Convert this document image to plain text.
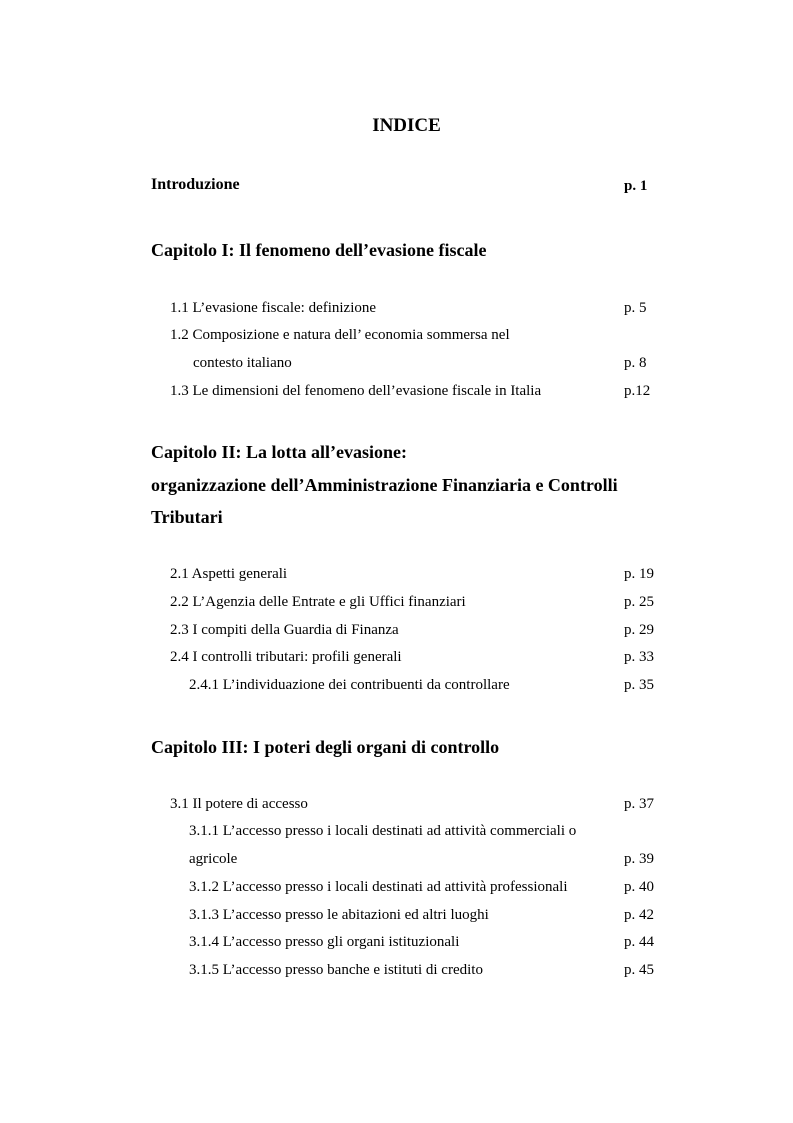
INDICE
Introduzione	p. 1
Capitolo I: Il fenomeno dell’evasione fiscale
1.1 L’evasione fiscale: definizione	p. 5
1.2 Composizione e natura dell’ economia sommersa nel
contesto italiano	p. 8
1.3 Le dimensioni del fenomeno dell’evasione fiscale in Italia	p.12
Capitolo II: La lotta all’evasione:
organizzazione dell’Amministrazione Finanziaria e Controlli
Tributari
2.1 Aspetti generali	p. 19
2.2 L’Agenzia delle Entrate e gli Uffici finanziari	p. 25
2.3 I compiti della Guardia di Finanza	p. 29
2.4 I controlli tributari: profili generali	p. 33
2.4.1 L’individuazione dei contribuenti da controllare	p. 35
Capitolo III: I poteri degli organi di controllo
3.1 Il potere di accesso	p. 37
3.1.1 L’accesso presso i locali destinati ad attività commerciali o
agricole	p. 39
3.1.2 L’accesso presso i locali destinati ad attività professionali	p. 40
3.1.3 L’accesso presso le abitazioni ed altri luoghi	p. 42
3.1.4 L’accesso presso gli organi istituzionali	p. 44
3.1.5 L’accesso presso banche e istituti di credito	p. 45
